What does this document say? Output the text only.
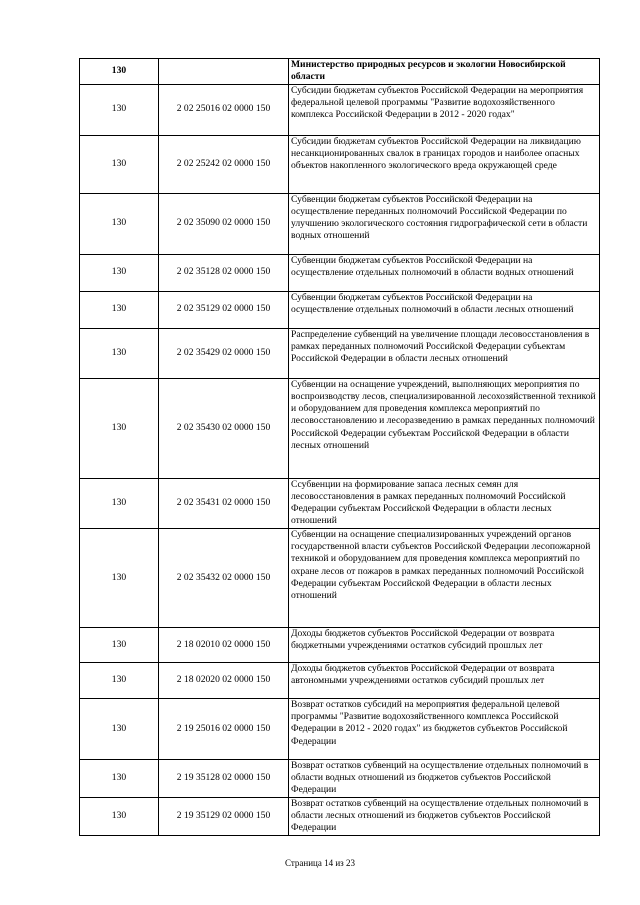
130		Министерство природных ресурсов и экологии Новосибирской области
130	2 02 25016 02 0000 150	Субсидии бюджетам субъектов Российской Федерации на мероприятия федеральной целевой программы "Развитие водохозяйственного комплекса Российской Федерации в 2012 - 2020 годах"
130	2 02 25242 02 0000 150	Субсидии бюджетам субъектов Российской Федерации на ликвидацию несанкционированных свалок в границах городов и наиболее опасных объектов накопленного экологического вреда окружающей среде
130	2 02 35090 02 0000 150	Субвенции бюджетам субъектов Российской Федерации на осуществление переданных полномочий Российской Федерации по улучшению экологического состояния гидрографической сети в области водных отношений
130	2 02 35128 02 0000 150	Субвенции бюджетам субъектов Российской Федерации на осуществление отдельных полномочий в области водных отношений
130	2 02 35129 02 0000 150	Субвенции бюджетам субъектов Российской Федерации на осуществление отдельных полномочий в области лесных отношений
130	2 02 35429 02 0000 150	Распределение субвенций на увеличение площади лесовосстановления в рамках переданных полномочий Российской Федерации субъектам Российской Федерации в области лесных отношений
130	2 02 35430 02 0000 150	Субвенции на оснащение учреждений, выполняющих мероприятия по воспроизводству лесов, специализированной лесохозяйственной техникой и оборудованием для проведения комплекса мероприятий по лесовосстановлению и лесоразведению в рамках переданных полномочий Российской Федерации субъектам Российской Федерации в области лесных отношений
130	2 02 35431 02 0000 150	Ссубвенции на формирование запаса лесных семян для лесовосстановления в рамках переданных полномочий Российской Федерации субъектам Российской Федерации в области лесных отношений
130	2 02 35432 02 0000 150	Субвенции на оснащение специализированных учреждений органов государственной власти субъектов Российской Федерации лесопожарной техникой и оборудованием для проведения комплекса мероприятий по охране лесов от пожаров в рамках переданных полномочий Российской Федерации субъектам Российской Федерации в области лесных отношений
130	2 18 02010 02 0000 150	Доходы бюджетов субъектов Российской Федерации от возврата бюджетными учреждениями остатков субсидий прошлых лет
130	2 18 02020 02 0000 150	Доходы бюджетов субъектов Российской Федерации от возврата автономными учреждениями остатков субсидий прошлых лет
130	2 19 25016 02 0000 150	Возврат остатков субсидий на мероприятия федеральной целевой программы "Развитие водохозяйственного комплекса Российской Федерации в 2012 - 2020 годах" из бюджетов субъектов Российской Федерации
130	2 19 35128 02 0000 150	Возврат остатков субвенций на осуществление отдельных полномочий в области водных отношений из бюджетов субъектов Российской Федерации
130	2 19 35129 02 0000 150	Возврат остатков субвенций на осуществление отдельных полномочий в области лесных отношений из бюджетов субъектов Российской Федерации
Страница 14 из 23
